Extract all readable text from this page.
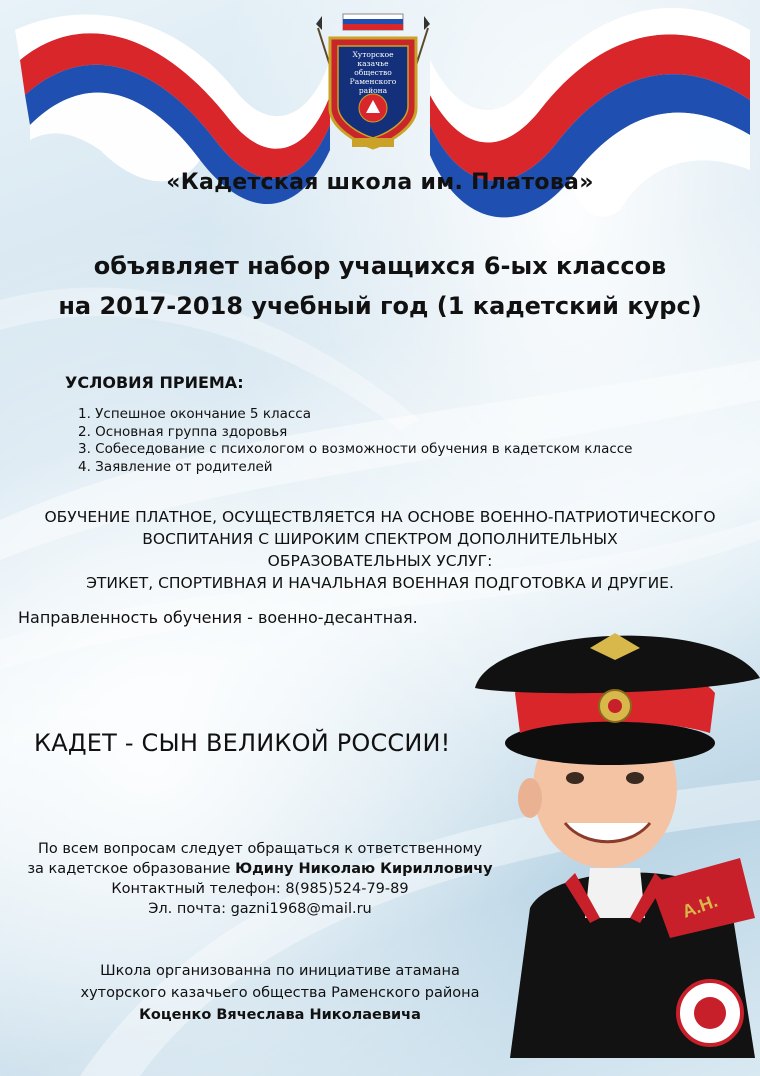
Хуторское
казачье общество
Раменского
района
«Кадетская школа им. Платова»
объявляет набор учащихся 6-ых классов
на 2017-2018 учебный год (1 кадетский курс)
УСЛОВИЯ ПРИЕМА:
1. Успешное окончание 5 класса
2. Основная группа здоровья
3. Собеседование с психологом о возможности обучения в кадетском классе
4. Заявление от родителей
ОБУЧЕНИЕ ПЛАТНОЕ, ОСУЩЕСТВЛЯЕТСЯ НА ОСНОВЕ ВОЕННО-ПАТРИОТИЧЕСКОГО
ВОСПИТАНИЯ С ШИРОКИМ СПЕКТРОМ ДОПОЛНИТЕЛЬНЫХ
ОБРАЗОВАТЕЛЬНЫХ УСЛУГ:
ЭТИКЕТ, СПОРТИВНАЯ И НАЧАЛЬНАЯ ВОЕННАЯ ПОДГОТОВКА И ДРУГИЕ.
Направленность обучения - военно-десантная.
А.Н.
КАДЕТ - СЫН ВЕЛИКОЙ РОССИИ!
По всем вопросам следует обращаться к ответственному
за кадетское образование Юдину Николаю Кирилловичу
Контактный телефон: 8(985)524-79-89
Эл. почта: gazni1968@mail.ru
Школа организованна по инициативе атамана
хуторского казачьего общества Раменского района
Коценко Вячеслава Николаевича
